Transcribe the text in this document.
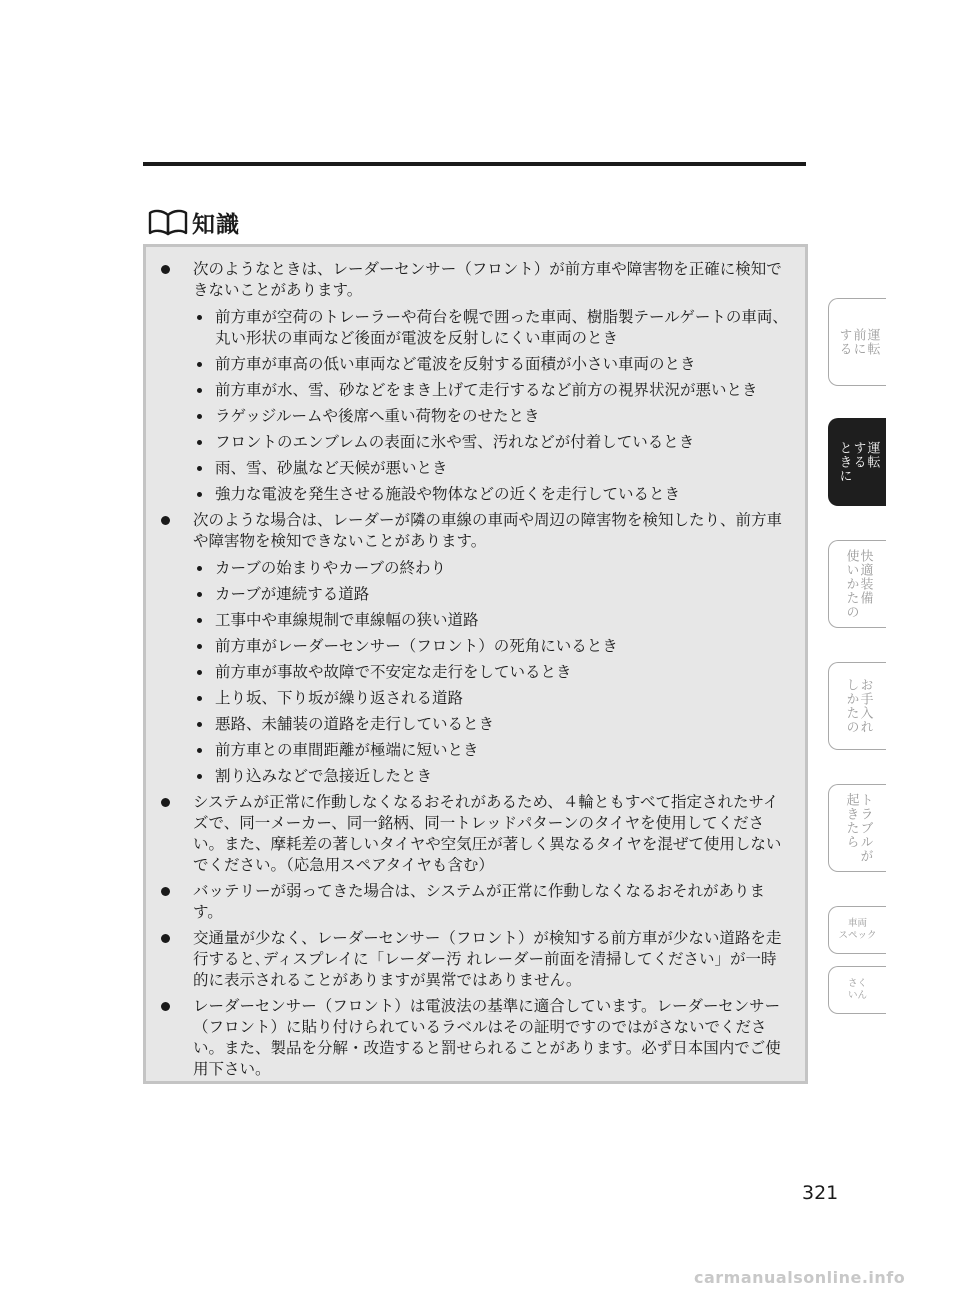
知識
次のようなときは、レーダーセンサー（フロント）が前方車や障害物を正確に検知できないことがあります。
前方車が空荷のトレーラーや荷台を幌で囲った車両、樹脂製テールゲートの車両、丸い形状の車両など後面が電波を反射しにくい車両のとき
前方車が車高の低い車両など電波を反射する面積が小さい車両のとき
前方車が水、雪、砂などをまき上げて走行するなど前方の視界状況が悪いとき
ラゲッジルームや後席へ重い荷物をのせたとき
フロントのエンブレムの表面に氷や雪、汚れなどが付着しているとき
雨、雪、砂嵐など天候が悪いとき
強力な電波を発生させる施設や物体などの近くを走行しているとき
次のような場合は、レーダーが隣の車線の車両や周辺の障害物を検知したり、前方車や障害物を検知できないことがあります。
カーブの始まりやカーブの終わり
カーブが連続する道路
工事中や車線規制で車線幅の狭い道路
前方車がレーダーセンサー（フロント）の死角にいるとき
前方車が事故や故障で不安定な走行をしているとき
上り坂、下り坂が繰り返される道路
悪路、未舗装の道路を走行しているとき
前方車との車間距離が極端に短いとき
割り込みなどで急接近したとき
システムが正常に作動しなくなるおそれがあるため、４輪ともすべて指定されたサイズで、同一メーカー、同一銘柄、同一トレッドパターンのタイヤを使用してください。また、摩耗差の著しいタイヤや空気圧が著しく異なるタイヤを混ぜて使用しないでください。（応急用スペアタイヤも含む）
バッテリーが弱ってきた場合は、システムが正常に作動しなくなるおそれがあります。
交通量が少なく、レーダーセンサー（フロント）が検知する前方車が少ない道路を走行すると､ディスプレイに「レーダー汚 れレーダー前面を清掃してください」が一時的に表示されることがありますが異常ではありません。
レーダーセンサー（フロント）は電波法の基準に適合しています。レーダーセンサー（フロント）に貼り付けられているラベルはその証明ですのではがさないでください。また、製品を分解・改造すると罰せられることがあります。必ず日本国内でご使用下さい。
運転
前に
する
運転
する
ときに
快適装備
使いかたの
お手入れ
しかたの
トラブルが
起きたら
車両
スペック
さく
いん
321
carmanualsonline.info
